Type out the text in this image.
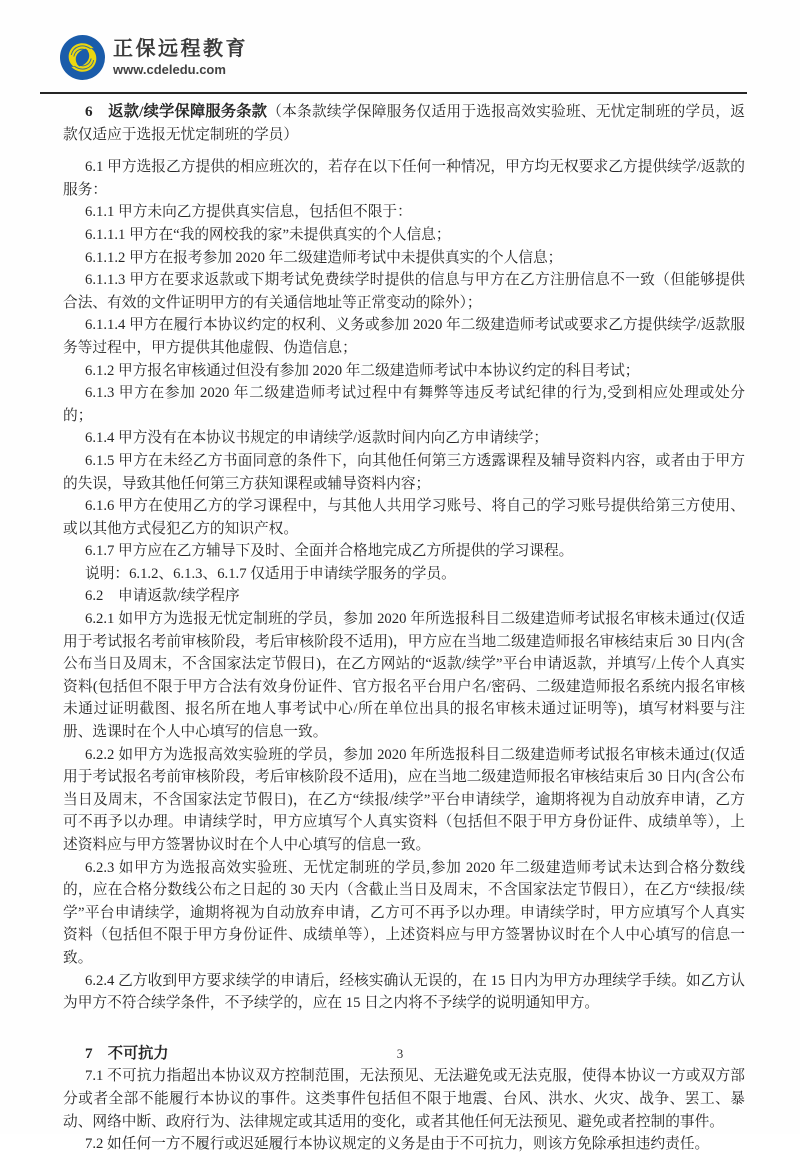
正保远程教育
www.cdeledu.com

6　返款/续学保障服务条款（本条款续学保障服务仅适用于选报高效实验班、无忧定制班的学员，返款仅适应于选报无忧定制班的学员）

6.1 甲方选报乙方提供的相应班次的，若存在以下任何一种情况，甲方均无权要求乙方提供续学/返款的服务：

6.1.1 甲方未向乙方提供真实信息，包括但不限于：

6.1.1.1 甲方在“我的网校我的家”未提供真实的个人信息；

6.1.1.2 甲方在报考参加 2020 年二级建造师考试中未提供真实的个人信息；

6.1.1.3 甲方在要求返款或下期考试免费续学时提供的信息与甲方在乙方注册信息不一致（但能够提供合法、有效的文件证明甲方的有关通信地址等正常变动的除外）；

6.1.1.4 甲方在履行本协议约定的权利、义务或参加 2020 年二级建造师考试或要求乙方提供续学/返款服务等过程中，甲方提供其他虚假、伪造信息；

6.1.2 甲方报名审核通过但没有参加 2020 年二级建造师考试中本协议约定的科目考试；

6.1.3 甲方在参加 2020 年二级建造师考试过程中有舞弊等违反考试纪律的行为,受到相应处理或处分的；

6.1.4 甲方没有在本协议书规定的申请续学/返款时间内向乙方申请续学；

6.1.5 甲方在未经乙方书面同意的条件下，向其他任何第三方透露课程及辅导资料内容，或者由于甲方的失误，导致其他任何第三方获知课程或辅导资料内容；

6.1.6 甲方在使用乙方的学习课程中，与其他人共用学习账号、将自己的学习账号提供给第三方使用、或以其他方式侵犯乙方的知识产权。

6.1.7 甲方应在乙方辅导下及时、全面并合格地完成乙方所提供的学习课程。

说明：6.1.2、6.1.3、6.1.7 仅适用于申请续学服务的学员。

6.2　申请返款/续学程序

6.2.1 如甲方为选报无忧定制班的学员，参加 2020 年所选报科目二级建造师考试报名审核未通过(仅适用于考试报名考前审核阶段，考后审核阶段不适用)，甲方应在当地二级建造师报名审核结束后 30 日内(含公布当日及周末，不含国家法定节假日)，在乙方网站的“返款/续学”平台申请返款，并填写/上传个人真实资料(包括但不限于甲方合法有效身份证件、官方报名平台用户名/密码、二级建造师报名系统内报名审核未通过证明截图、报名所在地人事考试中心/所在单位出具的报名审核未通过证明等)，填写材料要与注册、选课时在个人中心填写的信息一致。

6.2.2 如甲方为选报高效实验班的学员，参加 2020 年所选报科目二级建造师考试报名审核未通过(仅适用于考试报名考前审核阶段，考后审核阶段不适用)，应在当地二级建造师报名审核结束后 30 日内(含公布当日及周末，不含国家法定节假日)，在乙方“续报/续学”平台申请续学，逾期将视为自动放弃申请，乙方可不再予以办理。申请续学时，甲方应填写个人真实资料（包括但不限于甲方身份证件、成绩单等），上述资料应与甲方签署协议时在个人中心填写的信息一致。

6.2.3 如甲方为选报高效实验班、无忧定制班的学员,参加 2020 年二级建造师考试未达到合格分数线的，应在合格分数线公布之日起的 30 天内（含截止当日及周末，不含国家法定节假日），在乙方“续报/续学”平台申请续学，逾期将视为自动放弃申请，乙方可不再予以办理。申请续学时，甲方应填写个人真实资料（包括但不限于甲方身份证件、成绩单等），上述资料应与甲方签署协议时在个人中心填写的信息一致。

6.2.4 乙方收到甲方要求续学的申请后，经核实确认无误的，在 15 日内为甲方办理续学手续。如乙方认为甲方不符合续学条件，不予续学的，应在 15 日之内将不予续学的说明通知甲方。

7　不可抗力

7.1 不可抗力指超出本协议双方控制范围，无法预见、无法避免或无法克服，使得本协议一方或双方部分或者全部不能履行本协议的事件。这类事件包括但不限于地震、台风、洪水、火灾、战争、罢工、暴动、网络中断、政府行为、法律规定或其适用的变化，或者其他任何无法预见、避免或者控制的事件。

7.2 如任何一方不履行或迟延履行本协议规定的义务是由于不可抗力，则该方免除承担违约责任。

3
